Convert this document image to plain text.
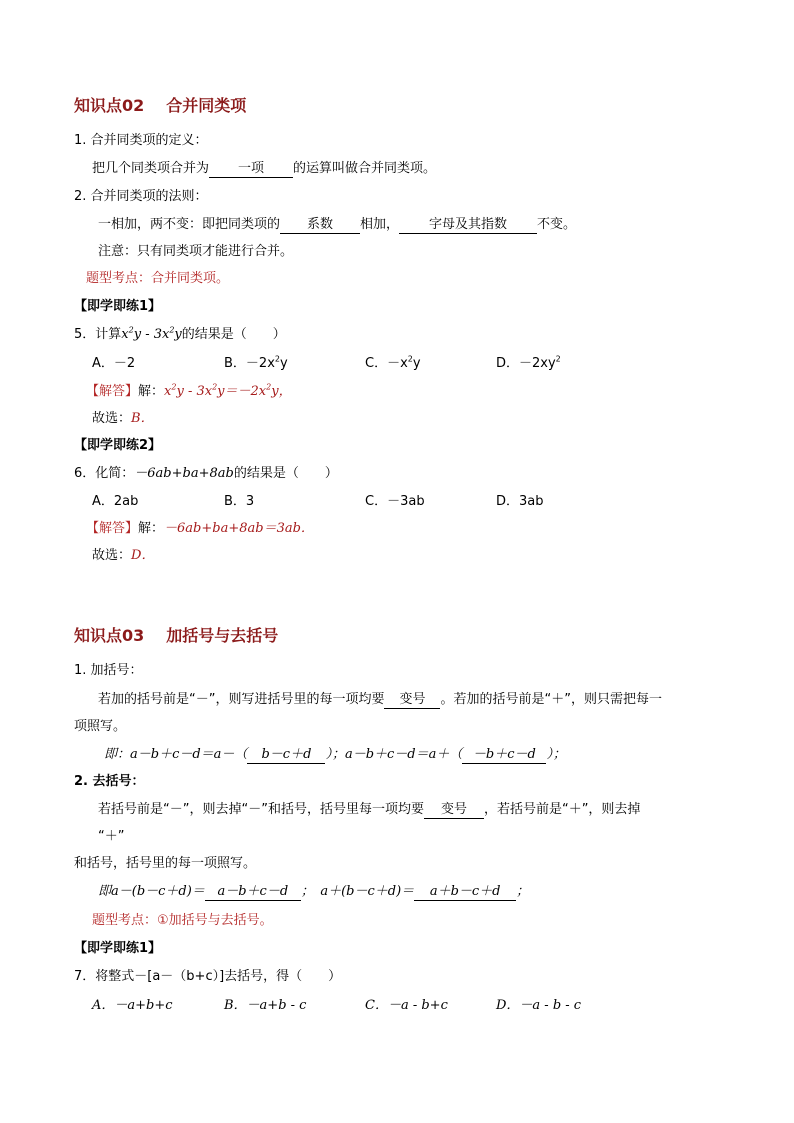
知识点02 合并同类项
1. 合并同类项的定义：
把几个同类项合并为 一项 的运算叫做合并同类项。
2. 合并同类项的法则：
一相加，两不变：即把同类项的 系数 相加， 字母及其指数 不变。
注意：只有同类项才能进行合并。
题型考点：合并同类项。
【即学即练1】
5．计算$x^2y - 3x^2y$的结果是（　　）
A．－2	B．$-2x^2y$	C．$-x^2y$	D．$-2xy^2$
【解答】解：$x^2y - 3x^2y=-2x^2y$，
故选：B．
【即学即练2】
6．化简：－6ab+ba+8ab的结果是（　　）
A．2ab	B．3	C．－3ab	D．3ab
【解答】解：－6ab+ba+8ab＝3ab．
故选：D．
知识点03 加括号与去括号
1. 加括号：
若加的括号前是“－”，则写进括号里的每一项均要 变号 。若加的括号前是“＋”，则只需把每一
项照写。
即：a－b＋c－d＝a－（ b－c＋d ）；a－b＋c－d＝a＋（ －b＋c－d ）；
2. 去括号：
若括号前是“－”，则去掉“－”和括号，括号里每一项均要 变号 ，若括号前是“＋”，则去掉
“＋”
和括号，括号里的每一项照写。
即a－(b－c＋d)＝ a－b＋c－d ；　a＋(b－c＋d)＝ a＋b－c＋d ；
题型考点：①加括号与去括号。
【即学即练1】
7．将整式－[a－（b+c）]去括号，得（　　）
A．－a+b+c	B．－a+b - c	C．－a - b+c	D．－a - b - c
